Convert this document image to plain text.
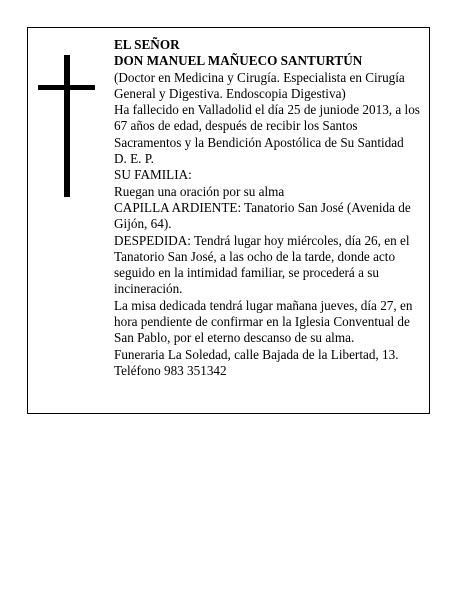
EL SEÑOR

DON MANUEL MAÑUECO SANTURTÚN

(Doctor en Medicina y Cirugía. Especialista en Cirugía General y Digestiva. Endoscopia Digestiva)

Ha fallecido en Valladolid el día 25 de juniode 2013, a los 67 años de edad, después de recibir los Santos Sacramentos y la Bendición Apostólica de Su Santidad

D. E. P.

SU FAMILIA:

Ruegan una oración por su alma

CAPILLA ARDIENTE: Tanatorio San José (Avenida de Gijón, 64).

DESPEDIDA: Tendrá lugar hoy miércoles, día 26, en el Tanatorio San José, a las ocho de la tarde, donde acto seguido en la intimidad familiar, se procederá a su incineración.

La misa dedicada tendrá lugar mañana jueves, día 27, en hora pendiente de confirmar en la Iglesia Conventual de San Pablo, por el eterno descanso de su alma.

Funeraria La Soledad, calle Bajada de la Libertad, 13. Teléfono 983 351342
